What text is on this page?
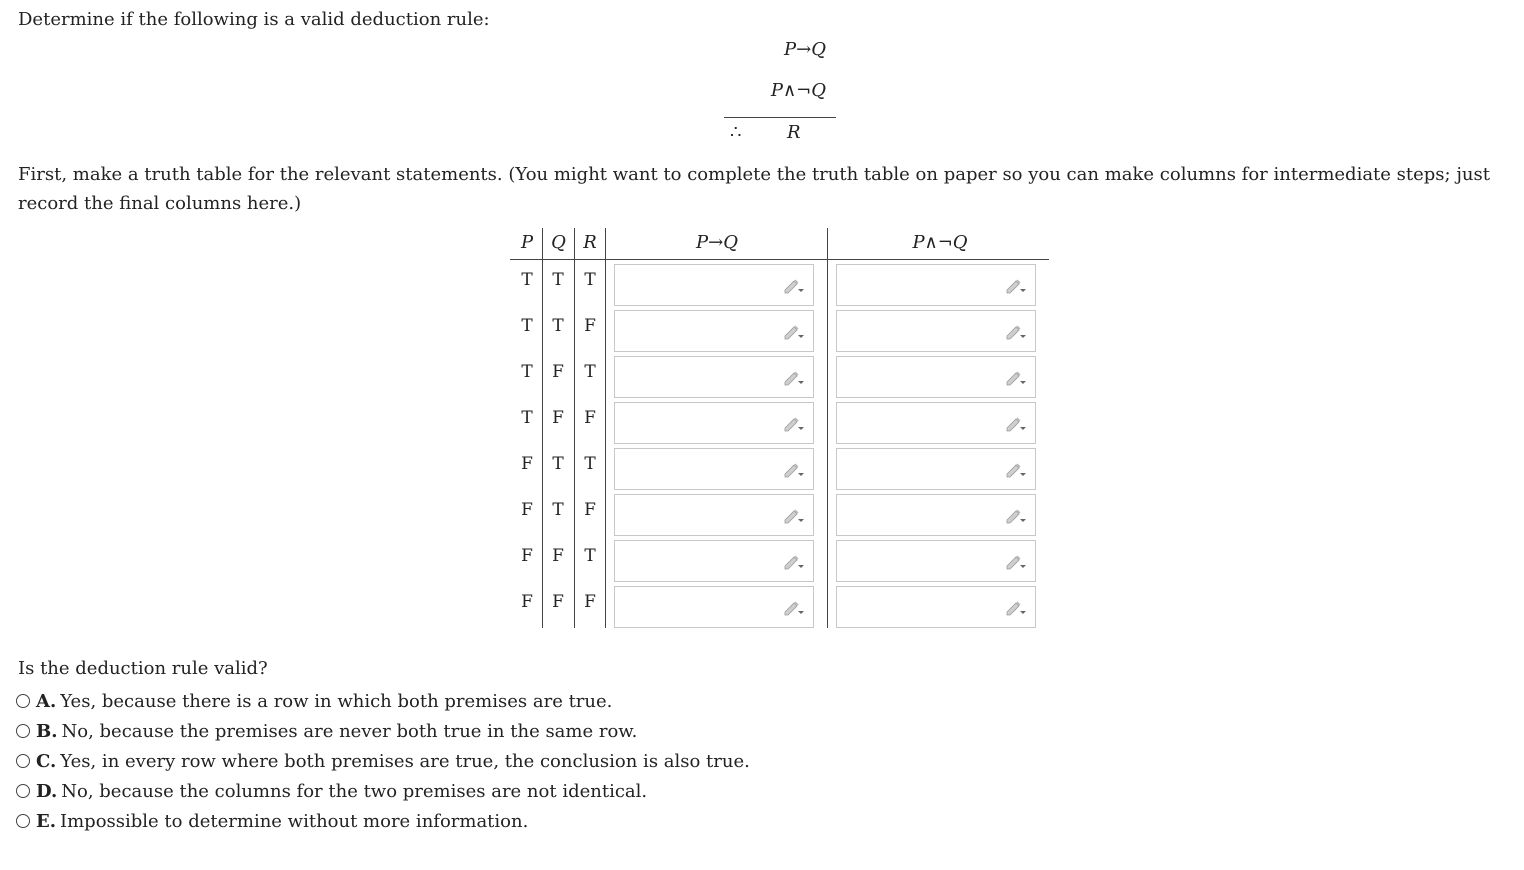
Determine if the following is a valid deduction rule:
P→Q
P∧¬Q
∴	R
First, make a truth table for the relevant statements. (You might want to complete the truth table on paper so you can make columns for intermediate steps; just record the final columns here.)
P	Q R	P→Q	P∧¬Q
T	T	T
T	T	F
T	F	T
T	F	F
F	T	T
F	T	F
F	F	T
F	F	F
Is the deduction rule valid?
A. Yes, because there is a row in which both premises are true.
B. No, because the premises are never both true in the same row.
C. Yes, in every row where both premises are true, the conclusion is also true.
D. No, because the columns for the two premises are not identical.
E. Impossible to determine without more information.
